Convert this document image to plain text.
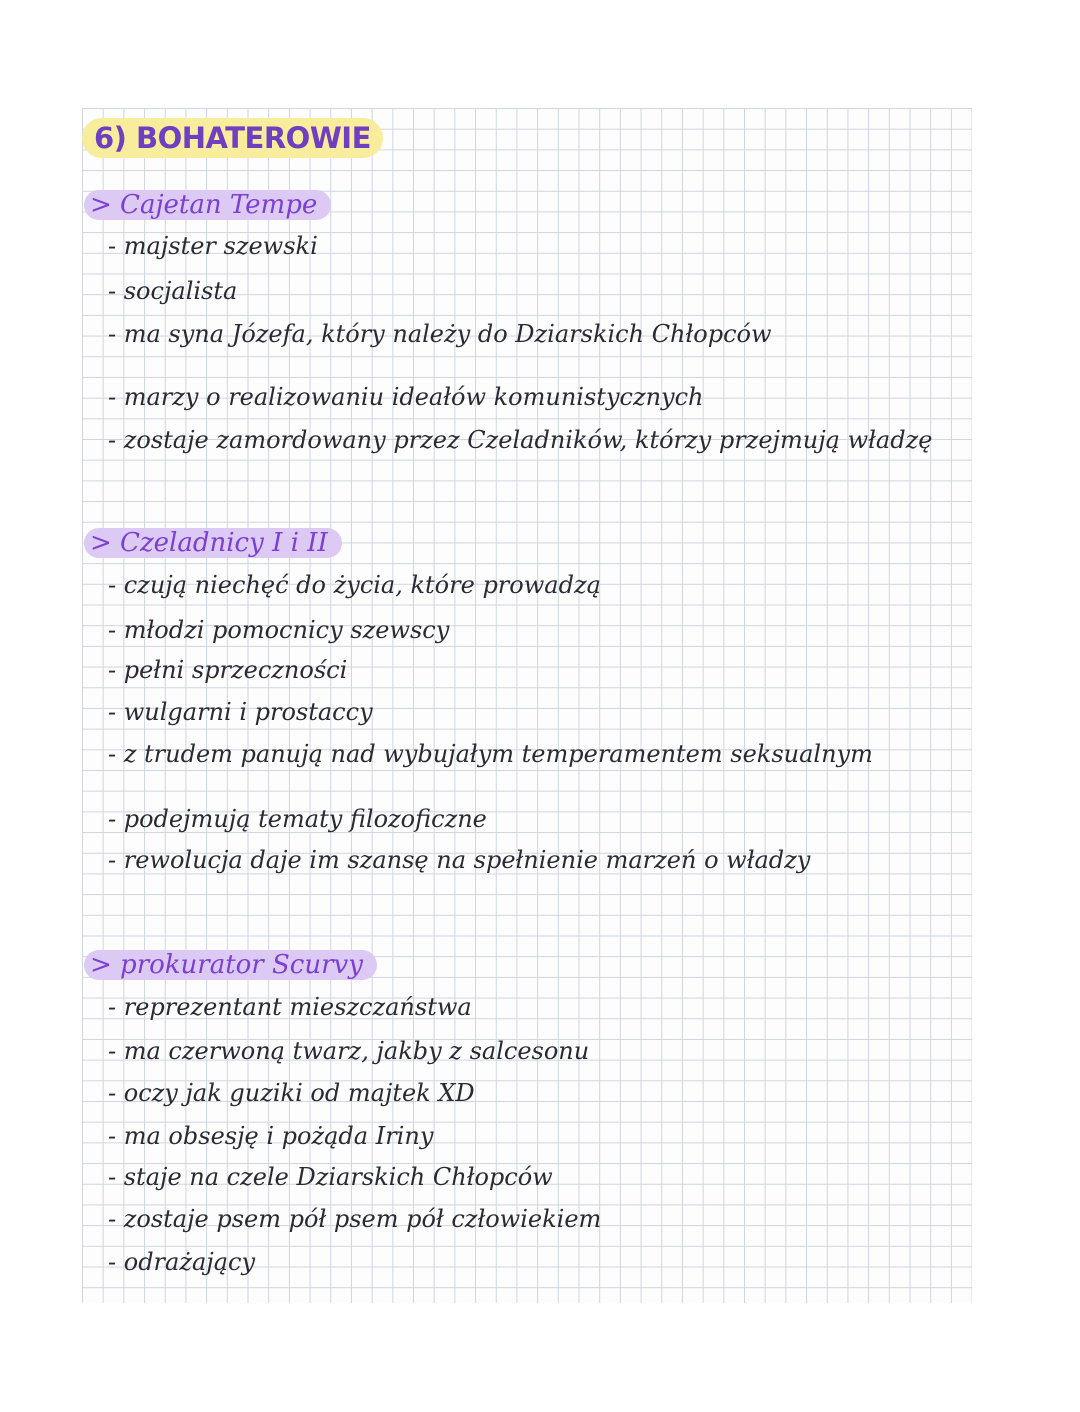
6) BOHATEROWIE
> Cajetan Tempe
- majster szewski
- socjalista
- ma syna Józefa, który należy do Dziarskich Chłopców
- marzy o realizowaniu ideałów komunistycznych
- zostaje zamordowany przez Czeladników, którzy przejmują władzę
> Czeladnicy I i II
- czują niechęć do życia, które prowadzą
- młodzi pomocnicy szewscy
- pełni sprzeczności
- wulgarni i prostaccy
- z trudem panują nad wybujałym temperamentem seksualnym
- podejmują tematy filozoficzne
- rewolucja daje im szansę na spełnienie marzeń o władzy
> prokurator Scurvy
- reprezentant mieszczaństwa
- ma czerwoną twarz, jakby z salcesonu
- oczy jak guziki od majtek XD
- ma obsesję i pożąda Iriny
- staje na czele Dziarskich Chłopców
- zostaje psem pół psem pół człowiekiem
- odrażający
